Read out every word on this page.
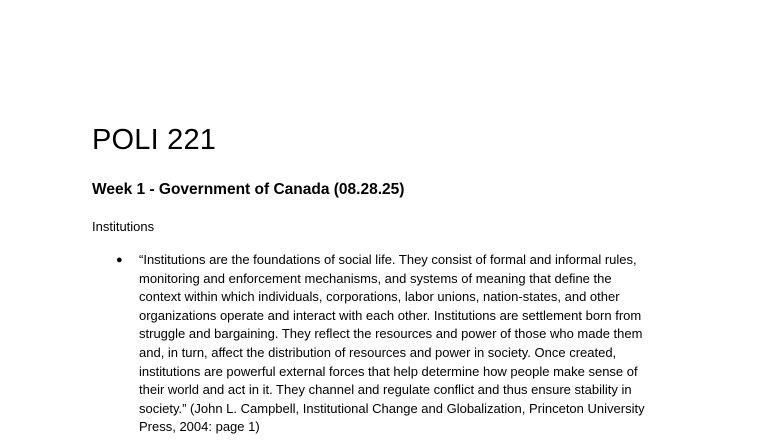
POLI 221
Week 1 - Government of Canada (08.28.25)

Institutions

● “Institutions are the foundations of social life. They consist of formal and informal rules,
monitoring and enforcement mechanisms, and systems of meaning that define the
context within which individuals, corporations, labor unions, nation-states, and other
organizations operate and interact with each other. Institutions are settlement born from
struggle and bargaining. They reflect the resources and power of those who made them
and, in turn, affect the distribution of resources and power in society. Once created,
institutions are powerful external forces that help determine how people make sense of
their world and act in it. They channel and regulate conflict and thus ensure stability in
society.” (John L. Campbell, Institutional Change and Globalization, Princeton University
Press, 2004: page 1)
